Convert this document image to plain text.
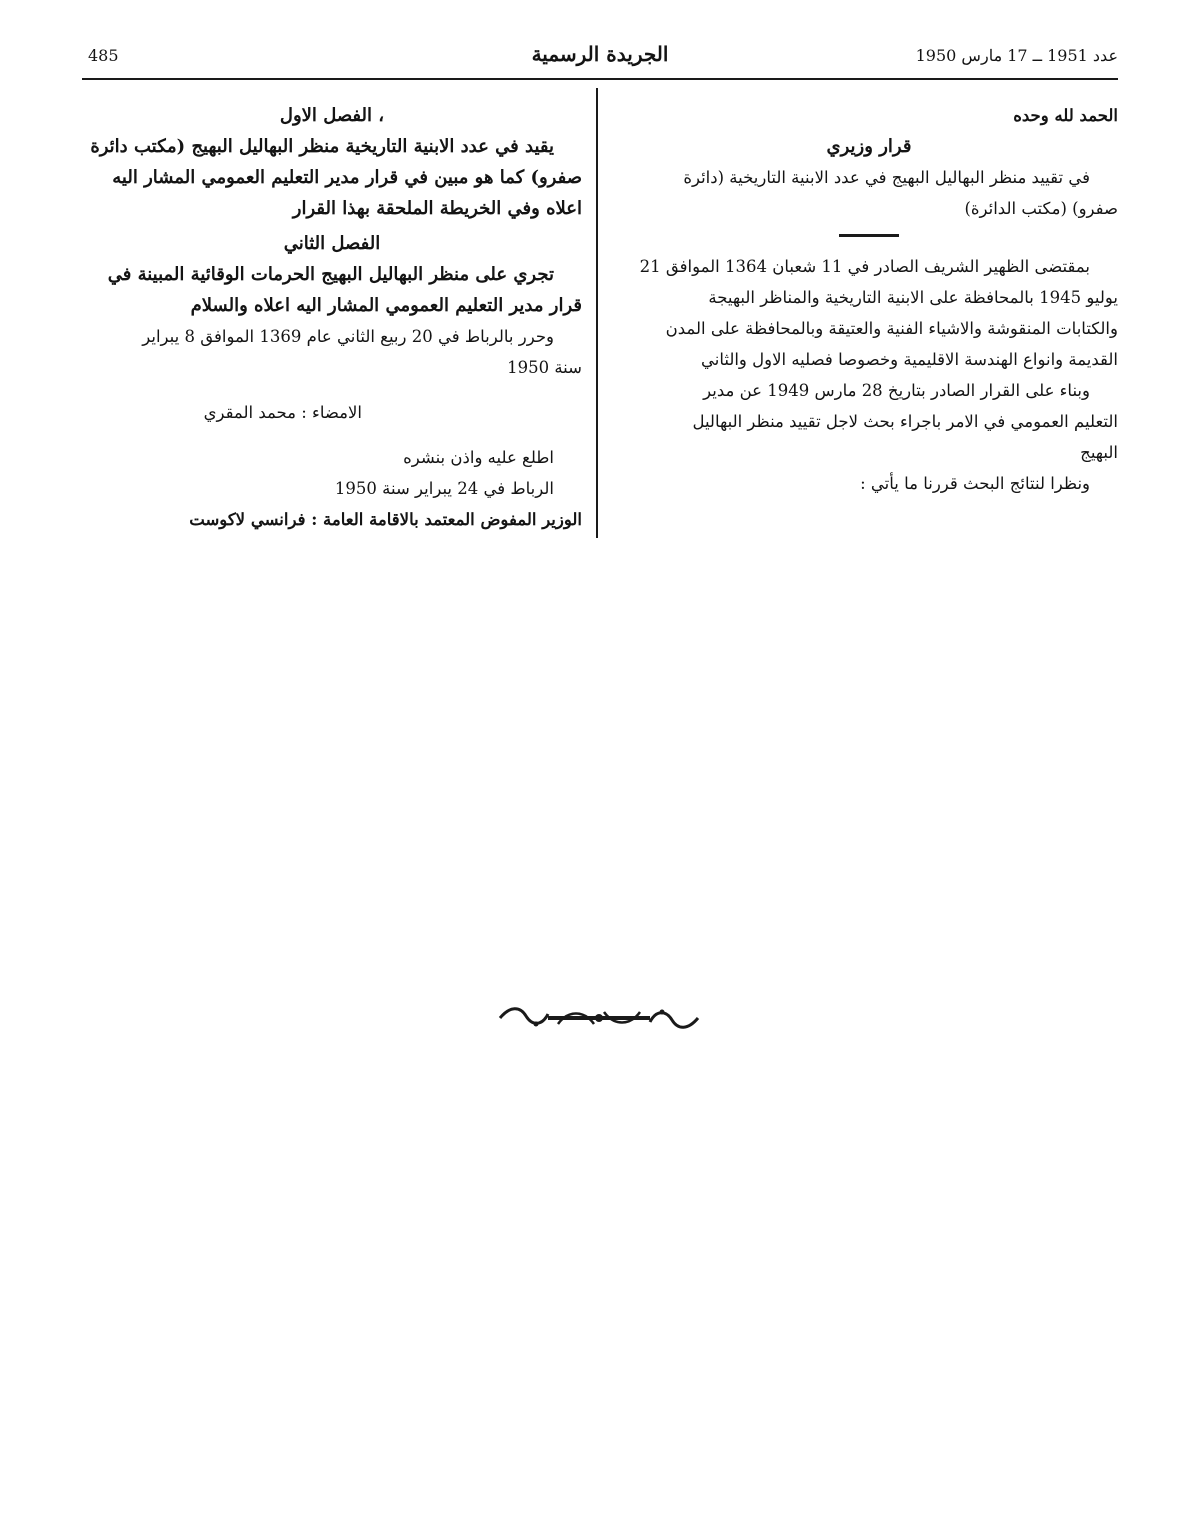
عدد 1951 ــ 17 مارس 1950
الجريدة الرسمية
485
الحمد لله وحده
قرار وزيري
في تقييد منظر البهاليل البهيج في عدد الابنية التاريخية (دائرة
صفرو) (مكتب الدائرة)
بمقتضى الظهير الشريف الصادر في 11 شعبان 1364 الموافق 21
يوليو 1945 بالمحافظة على الابنية التاريخية والمناظر البهيجة
والكتابات المنقوشة والاشياء الفنية والعتيقة وبالمحافظة على المدن
القديمة وانواع الهندسة الاقليمية وخصوصا فصليه الاول والثاني
وبناء على القرار الصادر بتاريخ 28 مارس 1949 عن مدير
التعليم العمومي في الامر باجراء بحث لاجل تقييد منظر البهاليل
البهيج
ونظرا لنتائج البحث قررنا ما يأتي :
، الفصل الاول
يقيد في عدد الابنية التاريخية منظر البهاليل البهيج (مكتب دائرة
صفرو) كما هو مبين في قرار مدير التعليم العمومي المشار اليه
اعلاه وفي الخريطة الملحقة بهذا القرار
الفصل الثاني
تجري على منظر البهاليل البهيج الحرمات الوقائية المبينة في
قرار مدير التعليم العمومي المشار اليه اعلاه والسلام
وحرر بالرباط في 20 ربيع الثاني عام 1369 الموافق 8 يبراير
سنة 1950
الامضاء : محمد المقري
اطلع عليه واذن بنشره
الرباط في 24 يبراير سنة 1950
الوزير المفوض المعتمد بالاقامة العامة : فرانسي لاكوست
